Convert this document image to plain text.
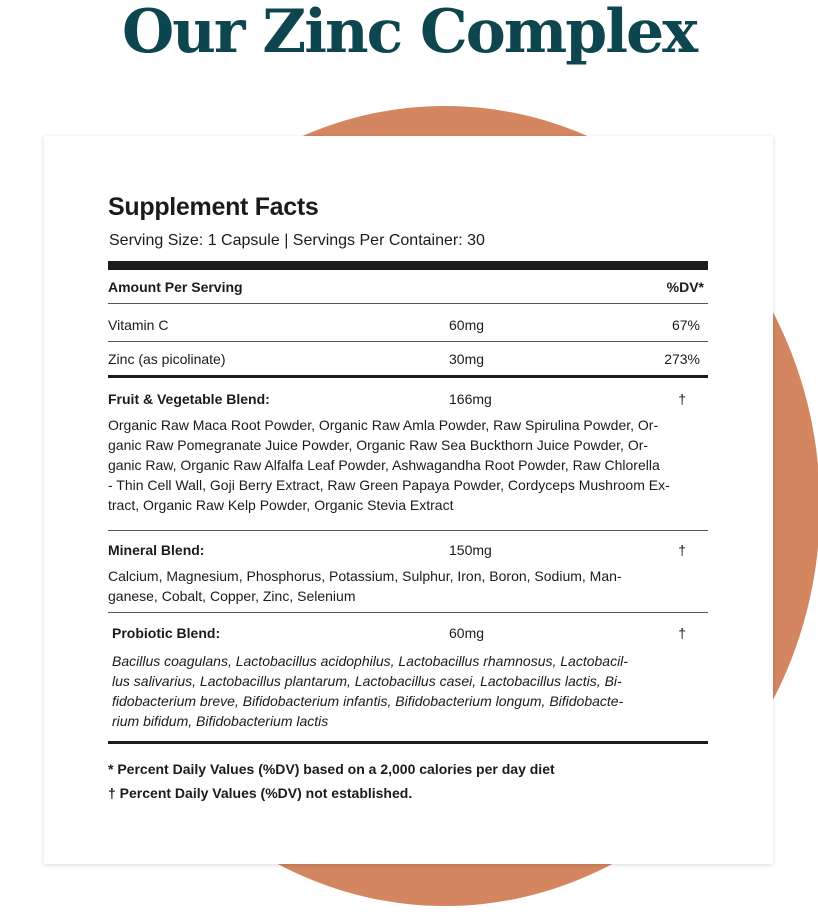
Our Zinc Complex
Supplement Facts
Serving Size: 1 Capsule | Servings Per Container: 30
Amount Per Serving	%DV*
Vitamin C	60mg	67%
Zinc (as picolinate)	30mg	273%
Fruit & Vegetable Blend:	166mg	†
Organic Raw Maca Root Powder, Organic Raw Amla Powder, Raw Spirulina Powder, Or-
ganic Raw Pomegranate Juice Powder, Organic Raw Sea Buckthorn Juice Powder, Or-
ganic Raw, Organic Raw Alfalfa Leaf Powder, Ashwagandha Root Powder, Raw Chlorella
- Thin Cell Wall, Goji Berry Extract, Raw Green Papaya Powder, Cordyceps Mushroom Ex-
tract, Organic Raw Kelp Powder, Organic Stevia Extract
Mineral Blend:	150mg	†
Calcium, Magnesium, Phosphorus, Potassium, Sulphur, Iron, Boron, Sodium, Man-
ganese, Cobalt, Copper, Zinc, Selenium
Probiotic Blend:	60mg	†
Bacillus coagulans, Lactobacillus acidophilus, Lactobacillus rhamnosus, Lactobacil-
lus salivarius, Lactobacillus plantarum, Lactobacillus casei, Lactobacillus lactis, Bi-
fidobacterium breve, Bifidobacterium infantis, Bifidobacterium longum, Bifidobacte-
rium bifidum, Bifidobacterium lactis
* Percent Daily Values (%DV) based on a 2,000 calories per day diet
† Percent Daily Values (%DV) not established.
